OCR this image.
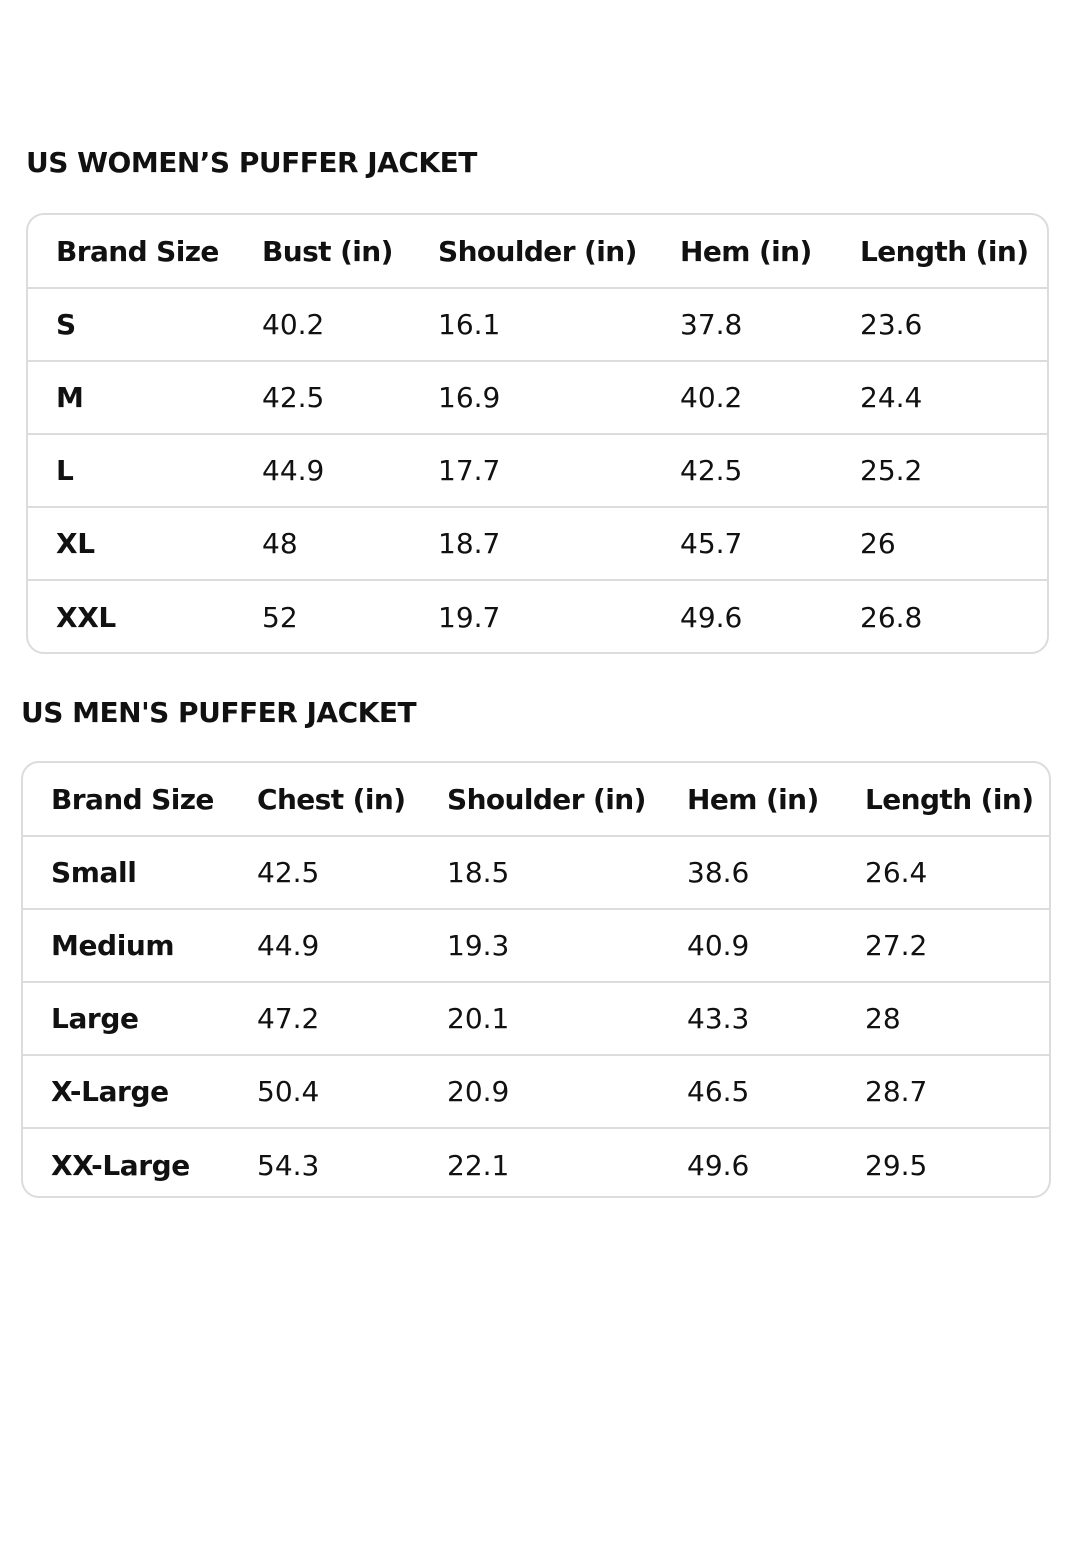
US WOMEN’S PUFFER JACKET
Brand Size	Bust (in)	Shoulder (in)	Hem (in)	Length (in)
S	40.2	16.1	37.8	23.6
M	42.5	16.9	40.2	24.4
L	44.9	17.7	42.5	25.2
XL	48	18.7	45.7	26
XXL	52	19.7	49.6	26.8
US MEN'S PUFFER JACKET
Brand Size	Chest (in)	Shoulder (in)	Hem (in)	Length (in)
Small	42.5	18.5	38.6	26.4
Medium	44.9	19.3	40.9	27.2
Large	47.2	20.1	43.3	28
X-Large	50.4	20.9	46.5	28.7
XX-Large	54.3	22.1	49.6	29.5
